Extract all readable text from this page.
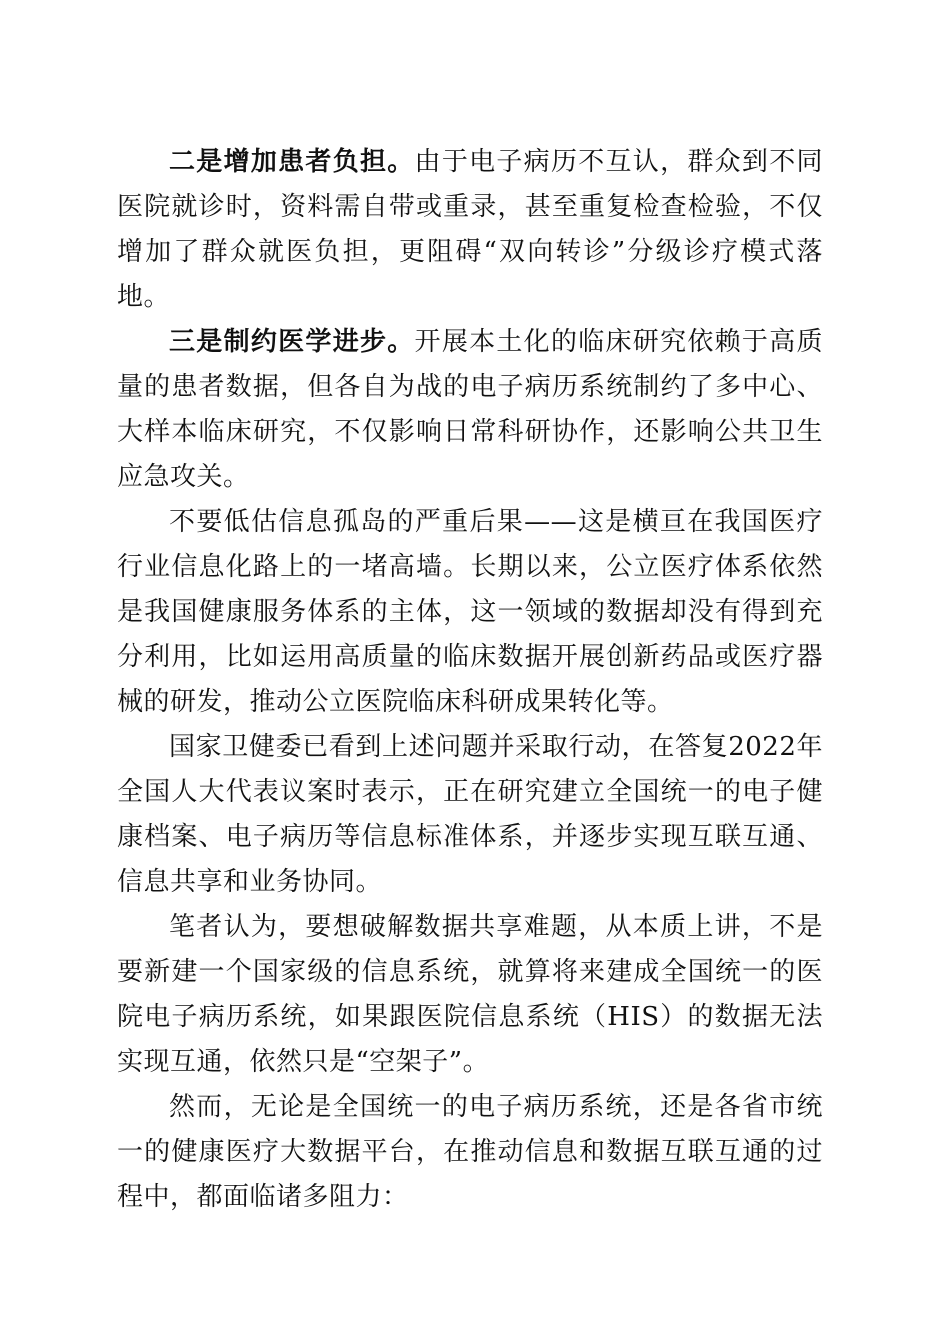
二是增加患者负担。由于电子病历不互认，群众到不同医院就诊时，资料需自带或重录，甚至重复检查检验，不仅增加了群众就医负担，更阻碍“双向转诊”分级诊疗模式落地。

三是制约医学进步。开展本土化的临床研究依赖于高质量的患者数据，但各自为战的电子病历系统制约了多中心、大样本临床研究，不仅影响日常科研协作，还影响公共卫生应急攻关。

不要低估信息孤岛的严重后果——这是横亘在我国医疗行业信息化路上的一堵高墙。长期以来，公立医疗体系依然是我国健康服务体系的主体，这一领域的数据却没有得到充分利用，比如运用高质量的临床数据开展创新药品或医疗器械的研发，推动公立医院临床科研成果转化等。

国家卫健委已看到上述问题并采取行动，在答复2022年全国人大代表议案时表示，正在研究建立全国统一的电子健康档案、电子病历等信息标准体系，并逐步实现互联互通、信息共享和业务协同。

笔者认为，要想破解数据共享难题，从本质上讲，不是要新建一个国家级的信息系统，就算将来建成全国统一的医院电子病历系统，如果跟医院信息系统（HIS）的数据无法实现互通，依然只是“空架子”。

然而，无论是全国统一的电子病历系统，还是各省市统一的健康医疗大数据平台，在推动信息和数据互联互通的过程中，都面临诸多阻力：
